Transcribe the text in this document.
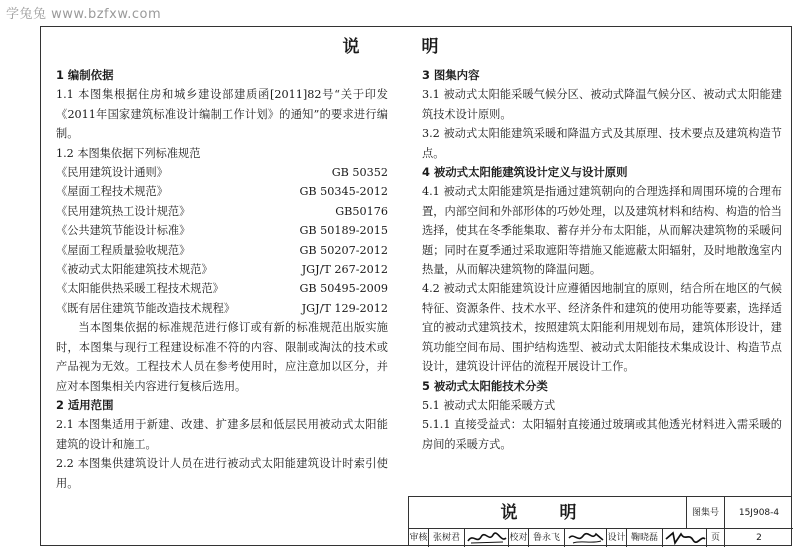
学兔兔 www.bzfxw.com
说 明
1 编制依据
1.1 本图集根据住房和城乡建设部建质函[2011]82号“关于印发《2011年国家建筑标准设计编制工作计划》的通知”的要求进行编制。
1.2 本图集依据下列标准规范
《民用建筑设计通则》	GB 50352
《屋面工程技术规范》	GB 50345-2012
《民用建筑热工设计规范》	GB50176
《公共建筑节能设计标准》	GB 50189-2015
《屋面工程质量验收规范》	GB 50207-2012
《被动式太阳能建筑技术规范》	JGJ/T 267-2012
《太阳能供热采暖工程技术规范》	GB 50495-2009
《既有居住建筑节能改造技术规程》	JGJ/T 129-2012
当本图集依据的标准规范进行修订或有新的标准规范出版实施时，本图集与现行工程建设标准不符的内容、限制或淘汰的技术或产品视为无效。工程技术人员在参考使用时，应注意加以区分，并应对本图集相关内容进行复核后选用。
2 适用范围
2.1 本图集适用于新建、改建、扩建多层和低层民用被动式太阳能建筑的设计和施工。
2.2 本图集供建筑设计人员在进行被动式太阳能建筑设计时索引使用。
3 图集内容
3.1 被动式太阳能采暖气候分区、被动式降温气候分区、被动式太阳能建筑技术设计原则。
3.2 被动式太阳能建筑采暖和降温方式及其原理、技术要点及建筑构造节点。
4 被动式太阳能建筑设计定义与设计原则
4.1 被动式太阳能建筑是指通过建筑朝向的合理选择和周围环境的合理布置，内部空间和外部形体的巧妙处理，以及建筑材料和结构、构造的恰当选择，使其在冬季能集取、蓄存并分布太阳能，从而解决建筑物的采暖问题；同时在夏季通过采取遮阳等措施又能遮蔽太阳辐射，及时地散逸室内热量，从而解决建筑物的降温问题。
4.2 被动式太阳能建筑设计应遵循因地制宜的原则，结合所在地区的气候特征、资源条件、技术水平、经济条件和建筑的使用功能等要素，选择适宜的被动式建筑技术，按照建筑太阳能利用规划布局，建筑体形设计，建筑功能空间布局、围护结构选型、被动式太阳能技术集成设计、构造节点设计，建筑设计评估的流程开展设计工作。
5 被动式太阳能技术分类
5.1 被动式太阳能采暖方式
5.1.1 直接受益式：太阳辐射直接通过玻璃或其他透光材料进入需采暖的房间的采暖方式。
说 明	图集号	15J908-4
审核 张树君	校对 鲁永飞	设计 鞠晓磊	页	2
